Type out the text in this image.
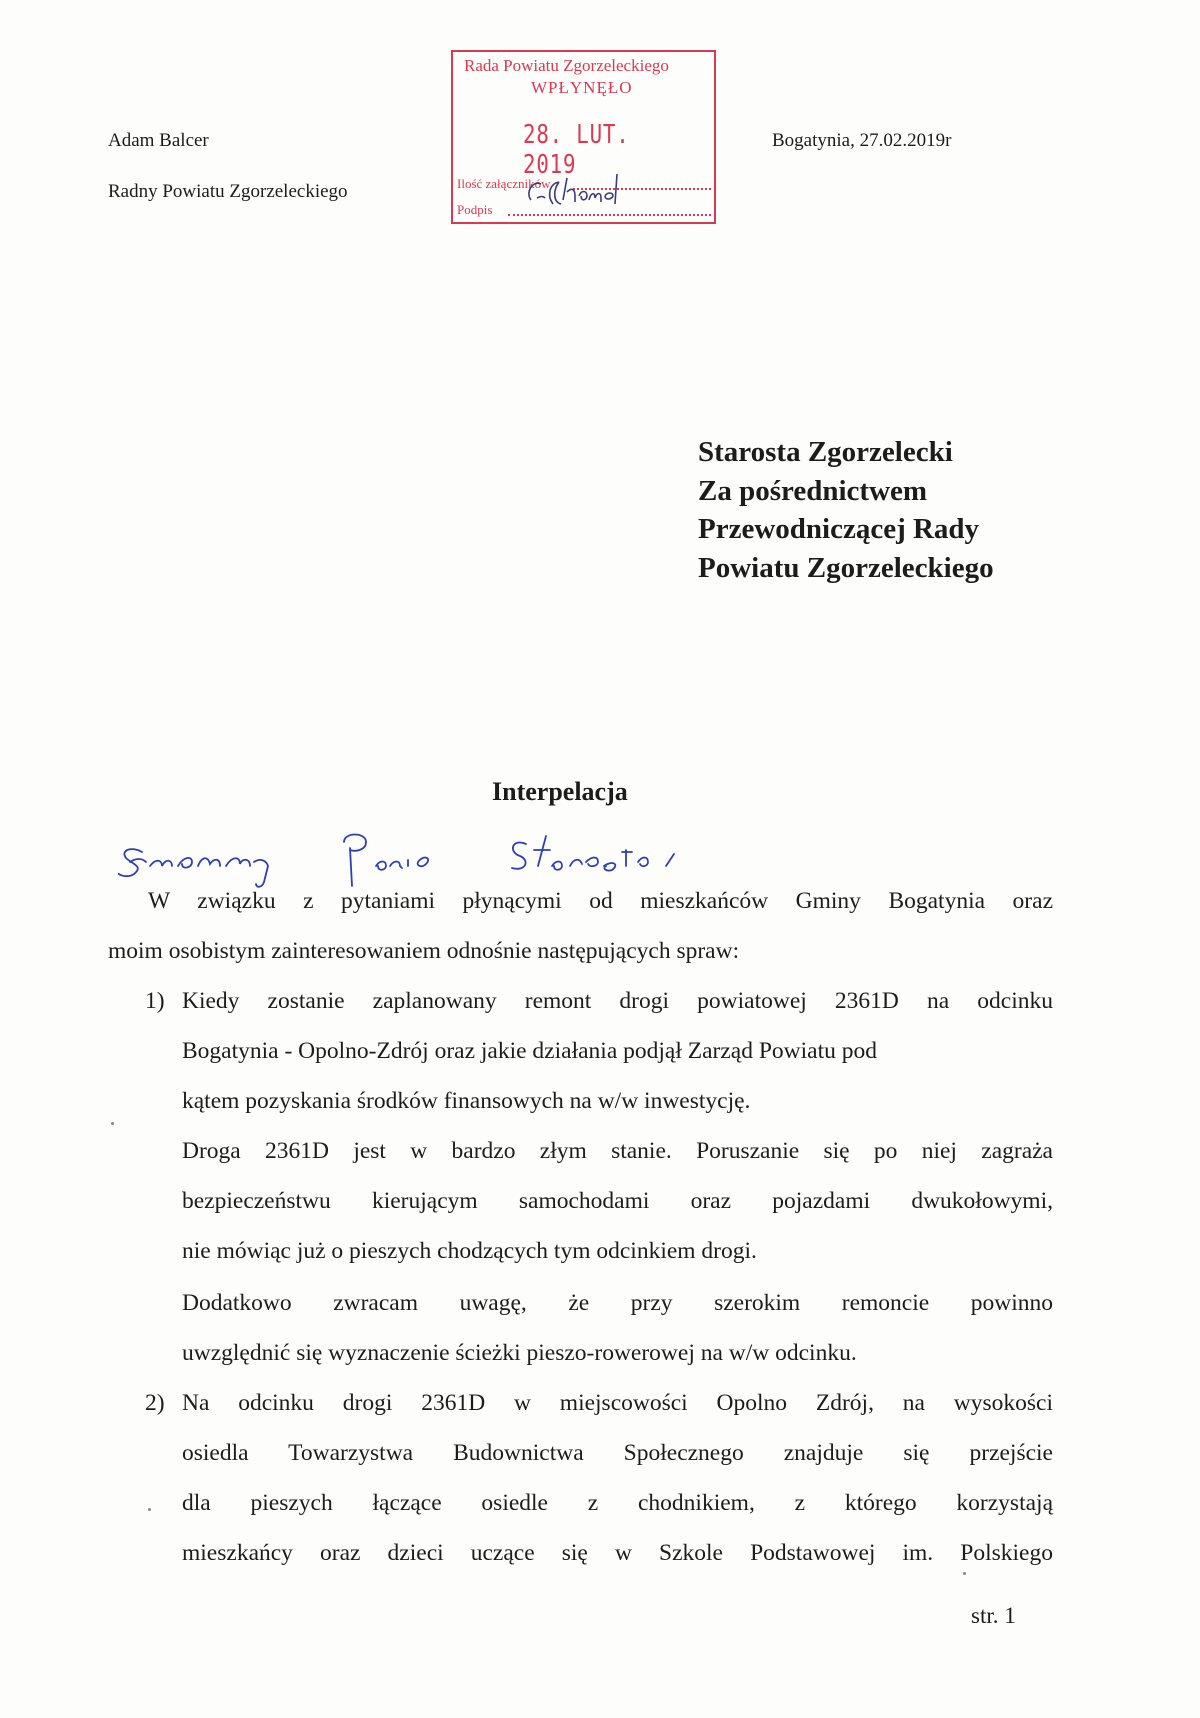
Adam Balcer
Radny Powiatu Zgorzeleckiego
Bogatynia, 27.02.2019r
Rada Powiatu Zgorzeleckiego
WPŁYNĘŁO
28. LUT. 2019
Ilość załączników
Podpis
Starosta Zgorzelecki
Za pośrednictwem
Przewodniczącej Rady
Powiatu Zgorzeleckiego
Interpelacja
W związku z pytaniami płynącymi od mieszkańców Gminy Bogatynia oraz
moim osobistym zainteresowaniem odnośnie następujących spraw:
1) Kiedy zostanie zaplanowany remont drogi powiatowej 2361D na odcinku
Bogatynia - Opolno-Zdrój oraz jakie działania podjął Zarząd Powiatu pod
kątem pozyskania środków finansowych na w/w inwestycję.
Droga 2361D jest w bardzo złym stanie. Poruszanie się po niej zagraża
bezpieczeństwu kierującym samochodami oraz pojazdami dwukołowymi,
nie mówiąc już o pieszych chodzących tym odcinkiem drogi.
Dodatkowo zwracam uwagę, że przy szerokim remoncie powinno
uwzględnić się wyznaczenie ścieżki pieszo-rowerowej na w/w odcinku.
2) Na odcinku drogi 2361D w miejscowości Opolno Zdrój, na wysokości
osiedla Towarzystwa Budownictwa Społecznego znajduje się przejście
dla pieszych łączące osiedle z chodnikiem, z którego korzystają
mieszkańcy oraz dzieci uczące się w Szkole Podstawowej im. Polskiego
str. 1
